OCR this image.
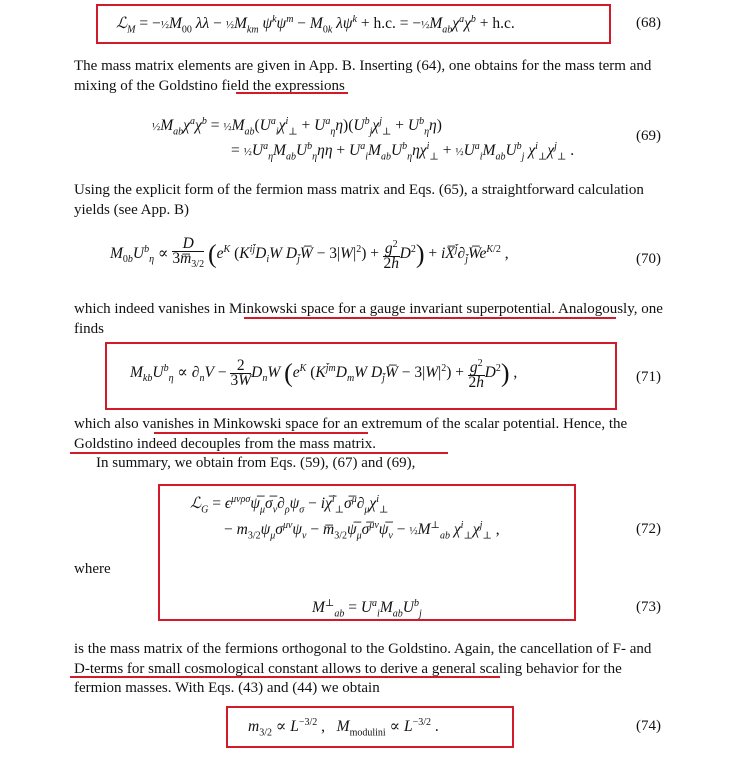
ℒ$_M$ = $-\frac{1}{2}M_{00}$ $\lambda\lambda - \frac{1}{2}M_{km}$ $\psi^k\psi^m - M_{0k}$ $\lambda\psi^k + h.c$. = $-\frac{1}{2}M_{ab}\chi^a\chi^b + h.c$.	(68)
The mass matrix elements are given in App. B. Inserting (64), one obtains for the mass term and mixing of the Goldstino field the expressions
$\frac{1}{2}M_{ab}\chi^a\chi^b$ = $\frac{1}{2}M_{ab}(U^a_i\chi^i_\perp + U^a_\eta\eta)(U^b_j\chi^j_\perp + U^b_\eta\eta)$
= $\frac{1}{2}U^a_\eta M_{ab}U^b_\eta\eta\eta + U^a_iM_{ab}U^b_\eta\eta\chi^i_\perp$ + $\frac{1}{2}U^a_iM_{ab}U^b_j$ $\chi^i_\perp\chi^j_\perp$ .
(69)
Using the explicit form of the fermion mass matrix and Eqs. (65), a straightforward calculation yields (see App. B)
$M_{0b}U^b_\eta \propto \frac{D}{3m̅_{3/2}} (e^K$ ($K^{ij̄}D_iW$ $D_{j̄}W̅ - 3|W|^2) + \frac{g^2}{2h} D^2$) + $iX̅^{j̄}\partial_{j̄}W̅e^{K/2}$ ,	(70)
which indeed vanishes in Minkowski space for a gauge invariant superpotential. Analogously, one finds
$M_{kb}U^b_\eta \propto \partial_nV - \frac{2}{3W} D_nW$ ($e^K$ ($K^{j̄m}D_mW$ $D_{j̄}W̅ - 3|W|^2) + \frac{g^2}{2h} D^2$) ,	(71)
which also vanishes in Minkowski space for an extremum of the scalar potential. Hence, the Goldstino indeed decouples from the mass matrix.
In summary, we obtain from Eqs. (59), (67) and (69),
ℒ$_G$ = $\epsilon^{\mu\nu\rho\sigma}\psi̅_\mu\sigma̅_\nu\partial_\rho\psi_\sigma$ − $i\chi̅^i_\perp\sigma̅^\mu\partial_\mu\chi^i_\perp$
− $m_{3/2}\psi_\mu\sigma^{\mu\nu}\psi_\nu$ − $m̅_{3/2}\psi̅_\mu\sigma̅^{\mu\nu}\psi̅_\nu$ − $\frac{1}{2}M^\perp_{ab}$ $\chi^i_\perp\chi^j_\perp$ ,	(72)
where
$M^\perp_{ab} = U^a_iM_{ab}U^b_j$	(73)
is the mass matrix of the fermions orthogonal to the Goldstino. Again, the cancellation of F- and D-terms for small cosmological constant allows to derive a general scaling behavior for the fermion masses. With Eqs. (43) and (44) we obtain
$m_{3/2} \propto L^{-3/2}$ ,   $M_{modulini} \propto L^{-3/2}$ .	(74)
